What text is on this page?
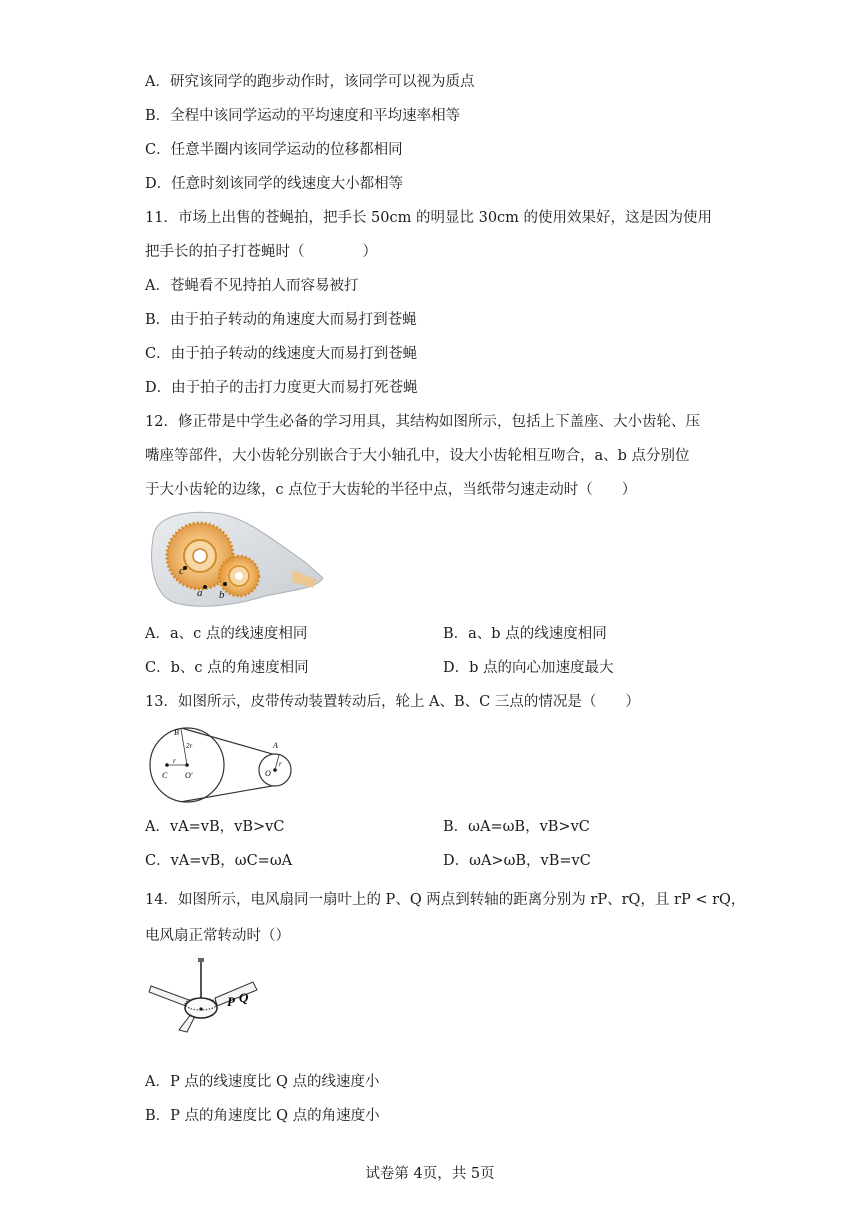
A．研究该同学的跑步动作时，该同学可以视为质点
B．全程中该同学运动的平均速度和平均速率相等
C．任意半圈内该同学运动的位移都相同
D．任意时刻该同学的线速度大小都相等
11．市场上出售的苍蝇拍，把手长 50cm 的明显比 30cm 的使用效果好，这是因为使用
把手长的拍子打苍蝇时（　　　　）
A．苍蝇看不见持拍人而容易被打
B．由于拍子转动的角速度大而易打到苍蝇
C．由于拍子转动的线速度大而易打到苍蝇
D．由于拍子的击打力度更大而易打死苍蝇
12．修正带是中学生必备的学习用具，其结构如图所示，包括上下盖座、大小齿轮、压
嘴座等部件，大小齿轮分别嵌合于大小轴孔中，设大小齿轮相互吻合，a、b 点分别位
于大小齿轮的边缘，c 点位于大齿轮的半径中点，当纸带匀速走动时（　　）
c
a b
A．a、c 点的线速度相同	B．a、b 点的线速度相同
C．b、c 点的角速度相同	D．b 点的向心加速度最大
13．如图所示，皮带传动装置转动后，轮上 A、B、C 三点的情况是（　　）
B
A
C O′	O
r
2r
r
A．vA=vB，vB>vC	B．ωA=ωB，vB>vC
C．vA=vB，ωC=ωA	D．ωA>ωB，vB=vC
14．如图所示，电风扇同一扇叶上的 P、Q 两点到转轴的距离分别为 rP、rQ，且 rP < rQ，
电风扇正常转动时（）
P Q
A．P 点的线速度比 Q 点的线速度小
B．P 点的角速度比 Q 点的角速度小
试卷第 4页，共 5页
